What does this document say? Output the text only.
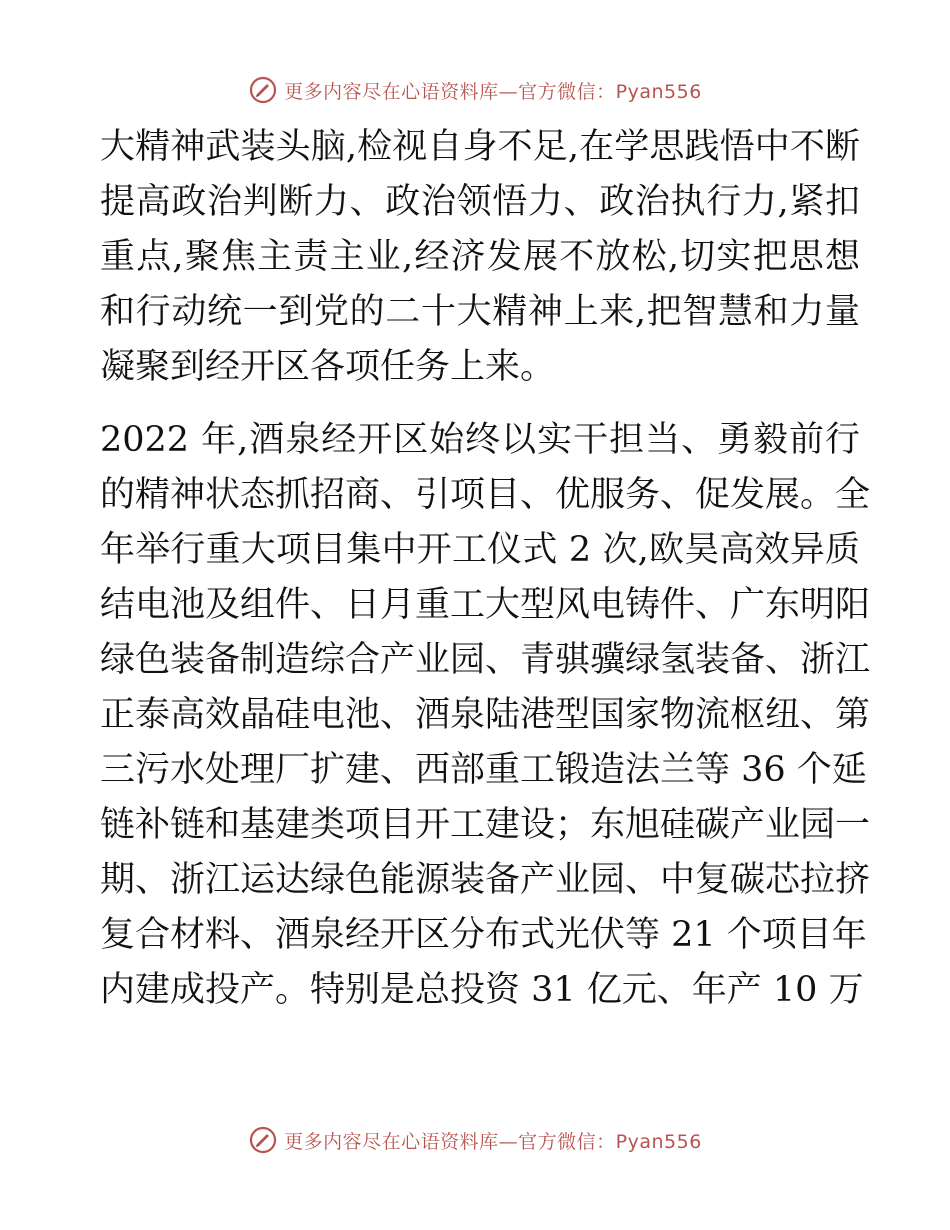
更多内容尽在心语资料库—官方微信：Pyan556
大精神武装头脑,检视自身不足,在学思践悟中不断
提高政治判断力、政治领悟力、政治执行力,紧扣
重点,聚焦主责主业,经济发展不放松,切实把思想
和行动统一到党的二十大精神上来,把智慧和力量
凝聚到经开区各项任务上来。
2022 年,酒泉经开区始终以实干担当、勇毅前行
的精神状态抓招商、引项目、优服务、促发展。全
年举行重大项目集中开工仪式 2 次,欧昊高效异质
结电池及组件、日月重工大型风电铸件、广东明阳
绿色装备制造综合产业园、青骐骥绿氢装备、浙江
正泰高效晶硅电池、酒泉陆港型国家物流枢纽、第
三污水处理厂扩建、西部重工锻造法兰等 36 个延
链补链和基建类项目开工建设；东旭硅碳产业园一
期、浙江运达绿色能源装备产业园、中复碳芯拉挤
复合材料、酒泉经开区分布式光伏等 21 个项目年
内建成投产。特别是总投资 31 亿元、年产 10 万
更多内容尽在心语资料库—官方微信：Pyan556
